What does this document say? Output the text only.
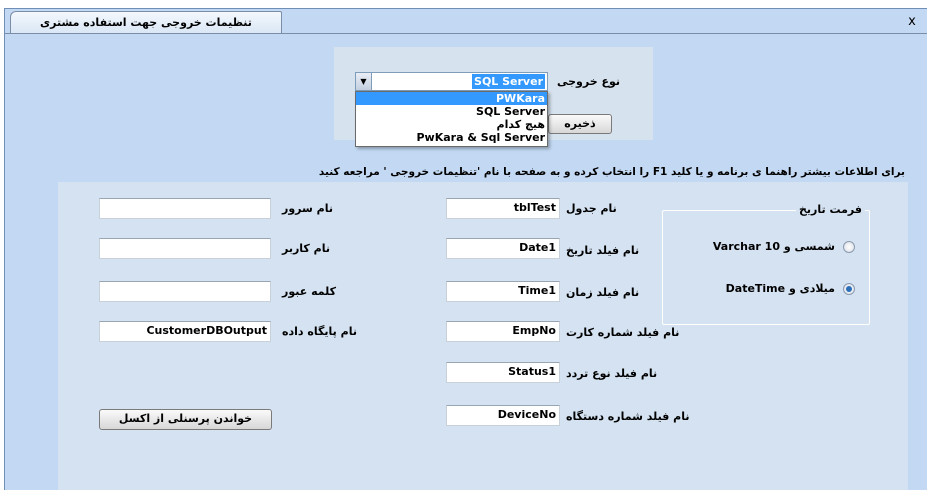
تنظیمات خروجی جهت استفاده مشتری	x
نوع خروجی
▼	SQL Server
ذخیره
PWKara
SQL Server
هیچ کدام
PwKara & Sql Server
برای اطلاعات بیشتر راهنما ی برنامه و یا کلید F1 را انتخاب کرده و به صفحه با نام 'تنظیمات خروجی ' مراجعه کنید
نام سرور
نام کاربر
کلمه عبور
CustomerDBOutput	نام پایگاه داده
خواندن پرسنلی از اکسل
tblTest نام جدول
Date1 نام فیلد تاریخ
Time1 نام فیلد زمان
EmpNo نام فیلد شماره کارت
Status1 نام فیلد نوع تردد
DeviceNo نام فیلد شماره دستگاه
فرمت تاریخ
شمسی و Varchar 10
میلادی و DateTime
